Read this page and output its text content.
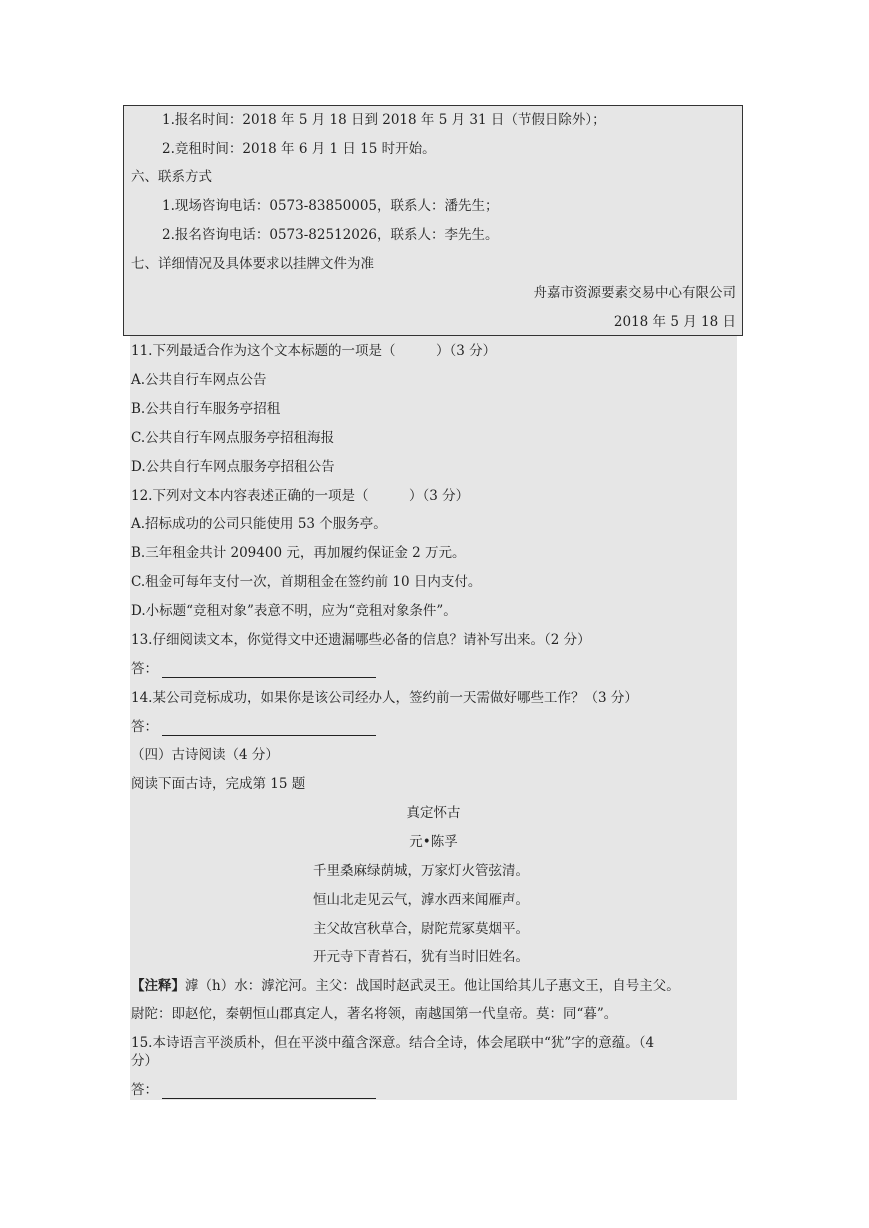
1.报名时间：2018 年 5 月 18 日到 2018 年 5 月 31 日（节假日除外）；
2.竞租时间：2018 年 6 月 1 日 15 时开始。
六、联系方式
1.现场咨询电话：0573-83850005，联系人：潘先生；
2.报名咨询电话：0573-82512026，联系人：李先生。
七、详细情况及具体要求以挂牌文件为准
舟嘉市资源要素交易中心有限公司
2018 年 5 月 18 日
11.下列最适合作为这个文本标题的一项是（　　　）（3 分）
A.公共自行车网点公告
B.公共自行车服务亭招租
C.公共自行车网点服务亭招租海报
D.公共自行车网点服务亭招租公告
12.下列对文本内容表述正确的一项是（　　　）（3 分）
A.招标成功的公司只能使用 53 个服务亭。
B.三年租金共计 209400 元，再加履约保证金 2 万元。
C.租金可每年支付一次，首期租金在签约前 10 日内支付。
D.小标题“竞租对象”表意不明，应为“竞租对象条件”。
13.仔细阅读文本，你觉得文中还遗漏哪些必备的信息？请补写出来。（2 分）
答：
14.某公司竞标成功，如果你是该公司经办人，签约前一天需做好哪些工作？（3 分）
答：
（四）古诗阅读（4 分）
阅读下面古诗，完成第 15 题
真定怀古
元•陈孚
千里桑麻绿荫城，万家灯火管弦清。
恒山北走见云气，滹水西来闻雁声。
主父故宫秋草合，尉陀荒冢莫烟平。
开元寺下青苔石，犹有当时旧姓名。
【注释】滹（h）水：滹沱河。主父：战国时赵武灵王。他让国给其儿子惠文王，自号主父。
尉陀：即赵佗，秦朝恒山郡真定人，著名将领，南越国第一代皇帝。莫：同“暮”。
15.本诗语言平淡质朴，但在平淡中蕴含深意。结合全诗，体会尾联中“犹”字的意蕴。（4
分）
答：
